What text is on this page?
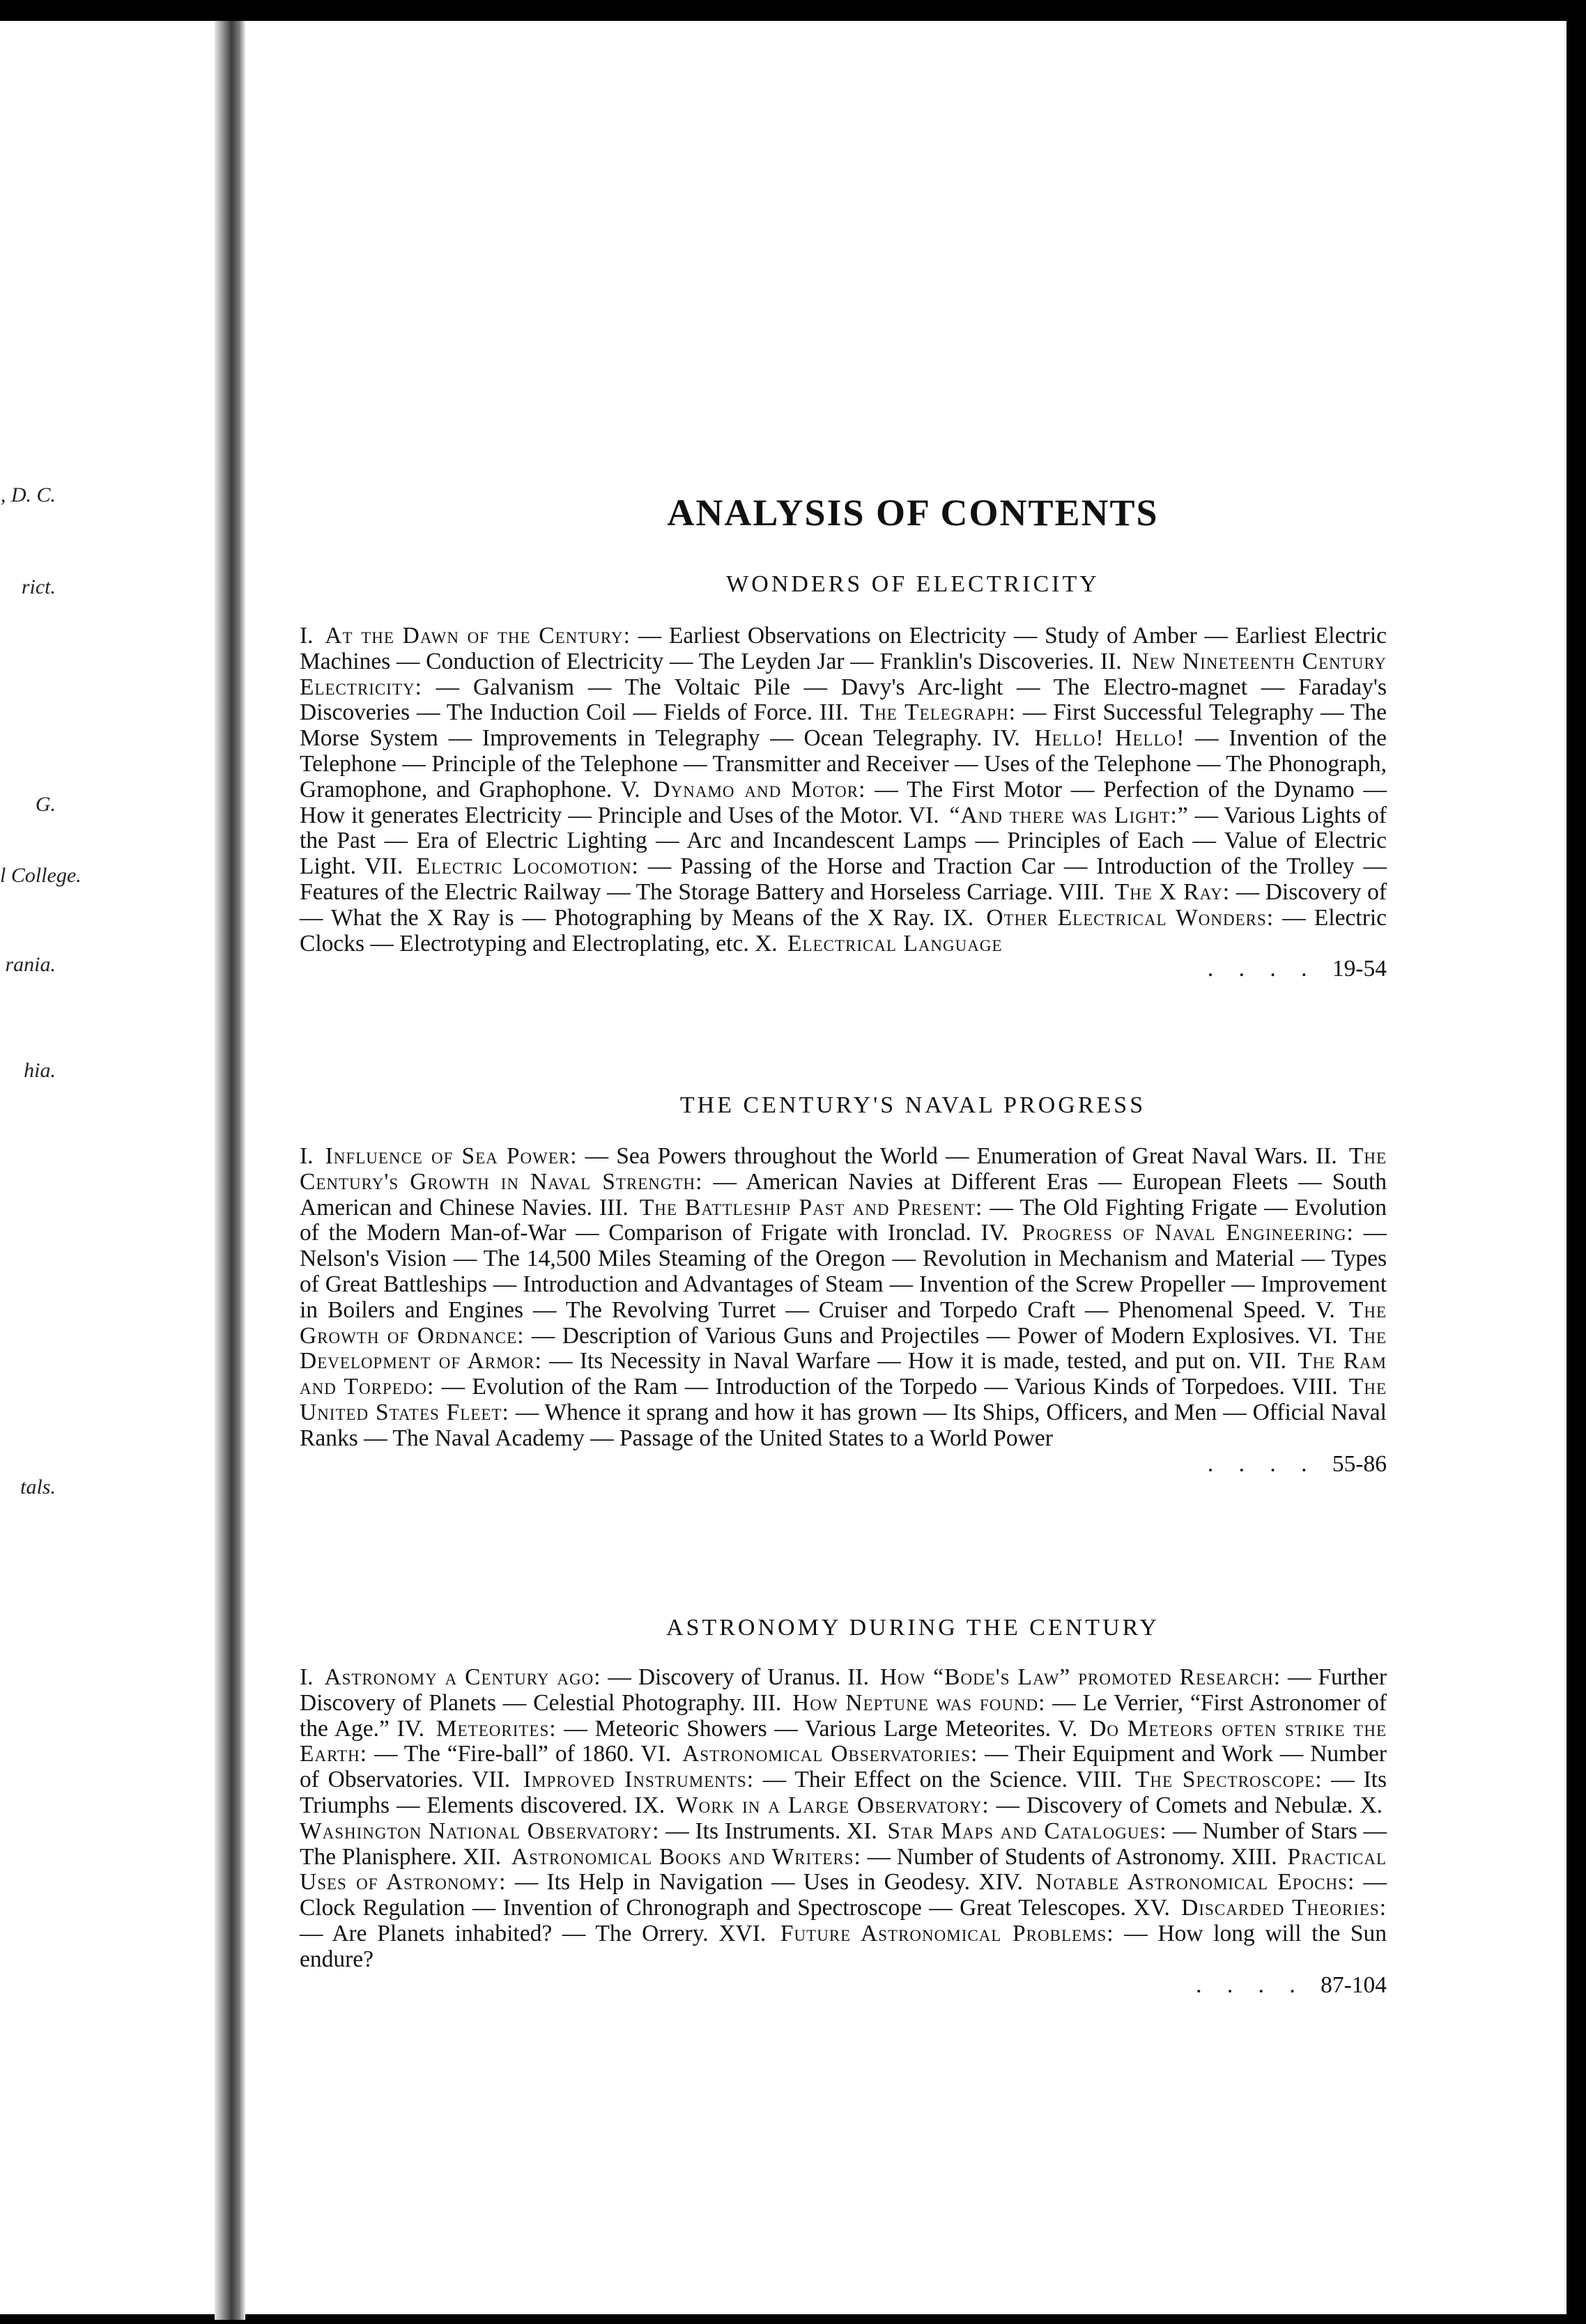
, D. C.
rict.
G.
l College.
rania.
hia.
tals.
ANALYSIS OF CONTENTS
WONDERS OF ELECTRICITY
I. At the Dawn of the Century: — Earliest Observations on Electricity — Study of Amber — Earliest Electric Machines — Conduction of Electricity — The Leyden Jar — Franklin's Discoveries. II. New Nineteenth Century Electricity: — Galvanism — The Voltaic Pile — Davy's Arc-light — The Electro-magnet — Faraday's Discoveries — The Induction Coil — Fields of Force. III. The Telegraph: — First Successful Telegraphy — The Morse System — Improvements in Telegraphy — Ocean Telegraphy. IV. Hello! Hello! — Invention of the Telephone — Principle of the Telephone — Transmitter and Receiver — Uses of the Telephone — The Phonograph, Gramophone, and Graphophone. V. Dynamo and Motor: — The First Motor — Perfection of the Dynamo — How it generates Electricity — Principle and Uses of the Motor. VI. “And there was Light:” — Various Lights of the Past — Era of Electric Lighting — Arc and Incandescent Lamps — Principles of Each — Value of Electric Light. VII. Electric Locomotion: — Passing of the Horse and Traction Car — Introduction of the Trolley — Features of the Electric Railway — The Storage Battery and Horseless Carriage. VIII. The X Ray: — Discovery of — What the X Ray is — Photographing by Means of the X Ray. IX. Other Electrical Wonders: — Electric Clocks — Electrotyping and Electroplating, etc. X. Electrical Language
. . . . 19-54
THE CENTURY'S NAVAL PROGRESS
I. Influence of Sea Power: — Sea Powers throughout the World — Enumeration of Great Naval Wars. II. The Century's Growth in Naval Strength: — American Navies at Different Eras — European Fleets — South American and Chinese Navies. III. The Battleship Past and Present: — The Old Fighting Frigate — Evolution of the Modern Man-of-War — Comparison of Frigate with Ironclad. IV. Progress of Naval Engineering: — Nelson's Vision — The 14,500 Miles Steaming of the Oregon — Revolution in Mechanism and Material — Types of Great Battleships — Introduction and Advantages of Steam — Invention of the Screw Propeller — Improvement in Boilers and Engines — The Revolving Turret — Cruiser and Torpedo Craft — Phenomenal Speed. V. The Growth of Ordnance: — Description of Various Guns and Projectiles — Power of Modern Explosives. VI. The Development of Armor: — Its Necessity in Naval Warfare — How it is made, tested, and put on. VII. The Ram and Torpedo: — Evolution of the Ram — Introduction of the Torpedo — Various Kinds of Torpedoes. VIII. The United States Fleet: — Whence it sprang and how it has grown — Its Ships, Officers, and Men — Official Naval Ranks — The Naval Academy — Passage of the United States to a World Power
. . . . 55-86
ASTRONOMY DURING THE CENTURY
I. Astronomy a Century ago: — Discovery of Uranus. II. How “Bode's Law” promoted Research: — Further Discovery of Planets — Celestial Photography. III. How Neptune was found: — Le Verrier, “First Astronomer of the Age.” IV. Meteorites: — Meteoric Showers — Various Large Meteorites. V. Do Meteors often strike the Earth: — The “Fire-ball” of 1860. VI. Astronomical Observatories: — Their Equipment and Work — Number of Observatories. VII. Improved Instruments: — Their Effect on the Science. VIII. The Spectroscope: — Its Triumphs — Elements discovered. IX. Work in a Large Observatory: — Discovery of Comets and Nebulæ. X. Washington National Observatory: — Its Instruments. XI. Star Maps and Catalogues: — Number of Stars — The Planisphere. XII. Astronomical Books and Writers: — Number of Students of Astronomy. XIII. Practical Uses of Astronomy: — Its Help in Navigation — Uses in Geodesy. XIV. Notable Astronomical Epochs: — Clock Regulation — Invention of Chronograph and Spectroscope — Great Telescopes. XV. Discarded Theories: — Are Planets inhabited? — The Orrery. XVI. Future Astronomical Problems: — How long will the Sun endure?
. . . . 87-104
